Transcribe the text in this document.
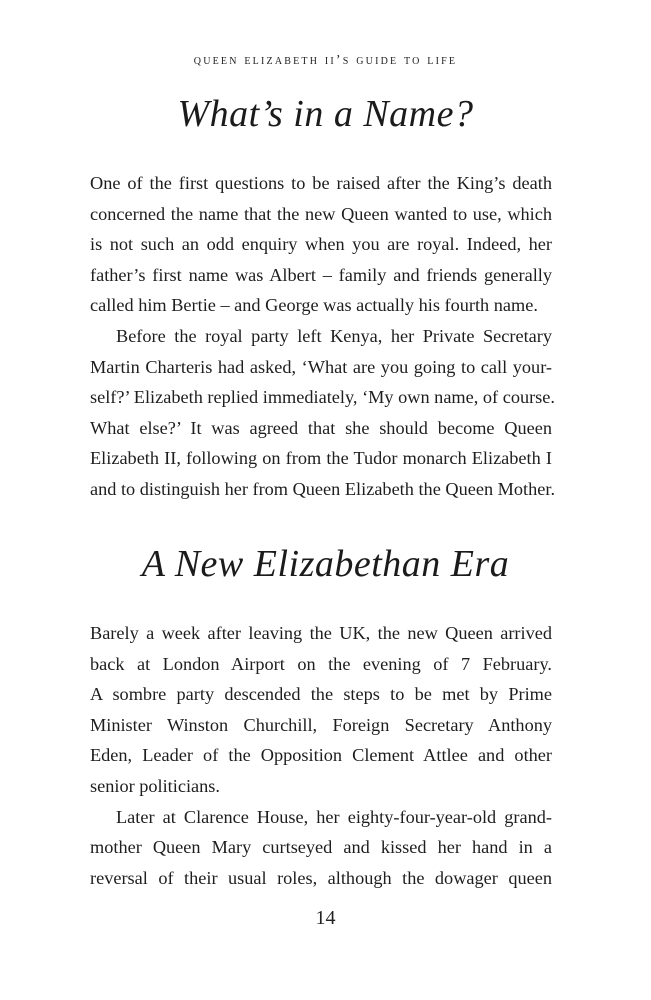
queen elizabeth ii’s guide to life
What’s in a Name?
One of the first questions to be raised after the King’s death
concerned the name that the new Queen wanted to use, which
is not such an odd enquiry when you are royal. Indeed, her
father’s first name was Albert – family and friends generally
called him Bertie – and George was actually his fourth name.
Before the royal party left Kenya, her Private Secretary
Martin Charteris had asked, ‘What are you going to call your-
self?’ Elizabeth replied immediately, ‘My own name, of course.
What else?’ It was agreed that she should become Queen
Elizabeth II, following on from the Tudor monarch Elizabeth I
and to distinguish her from Queen Elizabeth the Queen Mother.
A New Elizabethan Era
Barely a week after leaving the UK, the new Queen arrived
back at London Airport on the evening of 7 February.
A sombre party descended the steps to be met by Prime
Minister Winston Churchill, Foreign Secretary Anthony
Eden, Leader of the Opposition Clement Attlee and other
senior politicians.
Later at Clarence House, her eighty-four-year-old grand-
mother Queen Mary curtseyed and kissed her hand in a
reversal of their usual roles, although the dowager queen
14
